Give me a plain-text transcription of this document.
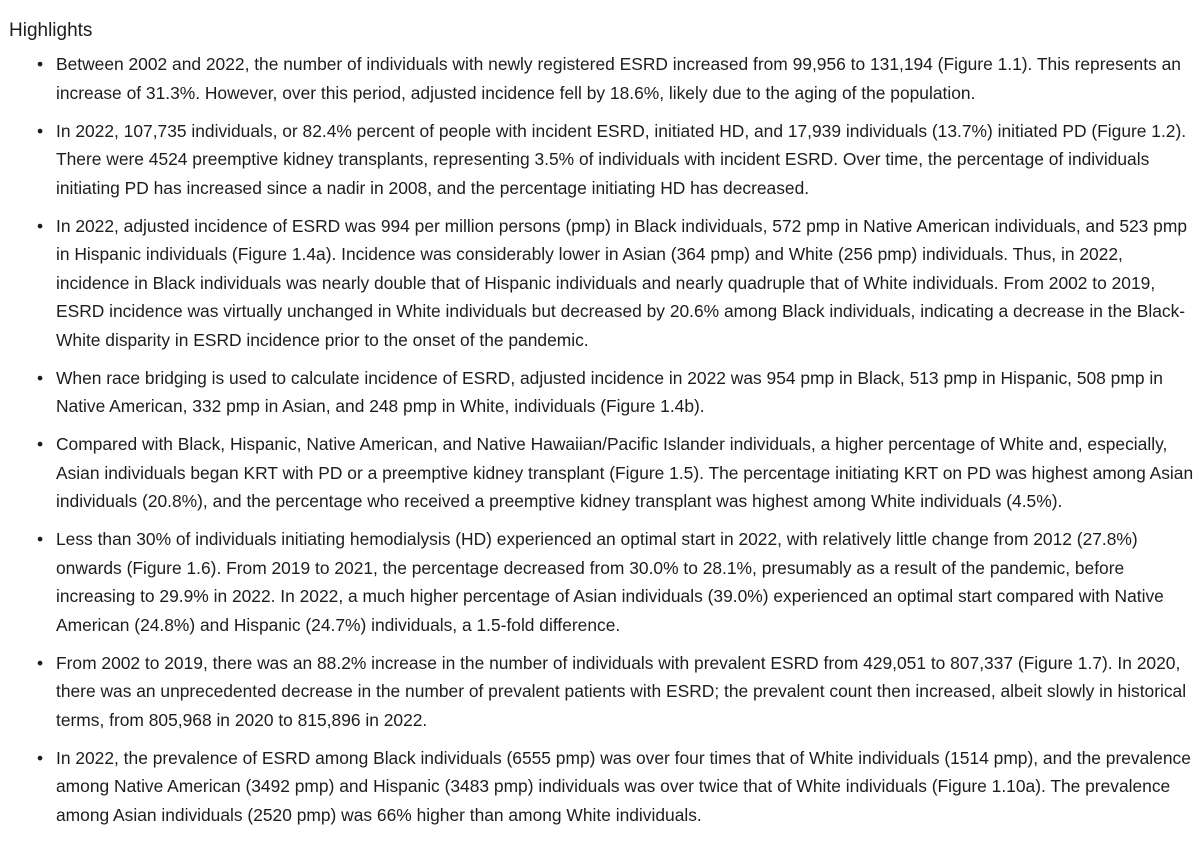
Highlights
• Between 2002 and 2022, the number of individuals with newly registered ESRD increased from 99,956 to 131,194 (Figure 1.1). This represents an increase of 31.3%. However, over this period, adjusted incidence fell by 18.6%, likely due to the aging of the population.
• In 2022, 107,735 individuals, or 82.4% percent of people with incident ESRD, initiated HD, and 17,939 individuals (13.7%) initiated PD (Figure 1.2). There were 4524 preemptive kidney transplants, representing 3.5% of individuals with incident ESRD. Over time, the percentage of individuals initiating PD has increased since a nadir in 2008, and the percentage initiating HD has decreased.
• In 2022, adjusted incidence of ESRD was 994 per million persons (pmp) in Black individuals, 572 pmp in Native American individuals, and 523 pmp in Hispanic individuals (Figure 1.4a). Incidence was considerably lower in Asian (364 pmp) and White (256 pmp) individuals. Thus, in 2022, incidence in Black individuals was nearly double that of Hispanic individuals and nearly quadruple that of White individuals. From 2002 to 2019, ESRD incidence was virtually unchanged in White individuals but decreased by 20.6% among Black individuals, indicating a decrease in the Black-White disparity in ESRD incidence prior to the onset of the pandemic.
• When race bridging is used to calculate incidence of ESRD, adjusted incidence in 2022 was 954 pmp in Black, 513 pmp in Hispanic, 508 pmp in Native American, 332 pmp in Asian, and 248 pmp in White, individuals (Figure 1.4b).
• Compared with Black, Hispanic, Native American, and Native Hawaiian/Pacific Islander individuals, a higher percentage of White and, especially, Asian individuals began KRT with PD or a preemptive kidney transplant (Figure 1.5). The percentage initiating KRT on PD was highest among Asian individuals (20.8%), and the percentage who received a preemptive kidney transplant was highest among White individuals (4.5%).
• Less than 30% of individuals initiating hemodialysis (HD) experienced an optimal start in 2022, with relatively little change from 2012 (27.8%) onwards (Figure 1.6). From 2019 to 2021, the percentage decreased from 30.0% to 28.1%, presumably as a result of the pandemic, before increasing to 29.9% in 2022. In 2022, a much higher percentage of Asian individuals (39.0%) experienced an optimal start compared with Native American (24.8%) and Hispanic (24.7%) individuals, a 1.5-fold difference.
• From 2002 to 2019, there was an 88.2% increase in the number of individuals with prevalent ESRD from 429,051 to 807,337 (Figure 1.7). In 2020, there was an unprecedented decrease in the number of prevalent patients with ESRD; the prevalent count then increased, albeit slowly in historical terms, from 805,968 in 2020 to 815,896 in 2022.
• In 2022, the prevalence of ESRD among Black individuals (6555 pmp) was over four times that of White individuals (1514 pmp), and the prevalence among Native American (3492 pmp) and Hispanic (3483 pmp) individuals was over twice that of White individuals (Figure 1.10a). The prevalence among Asian individuals (2520 pmp) was 66% higher than among White individuals.
